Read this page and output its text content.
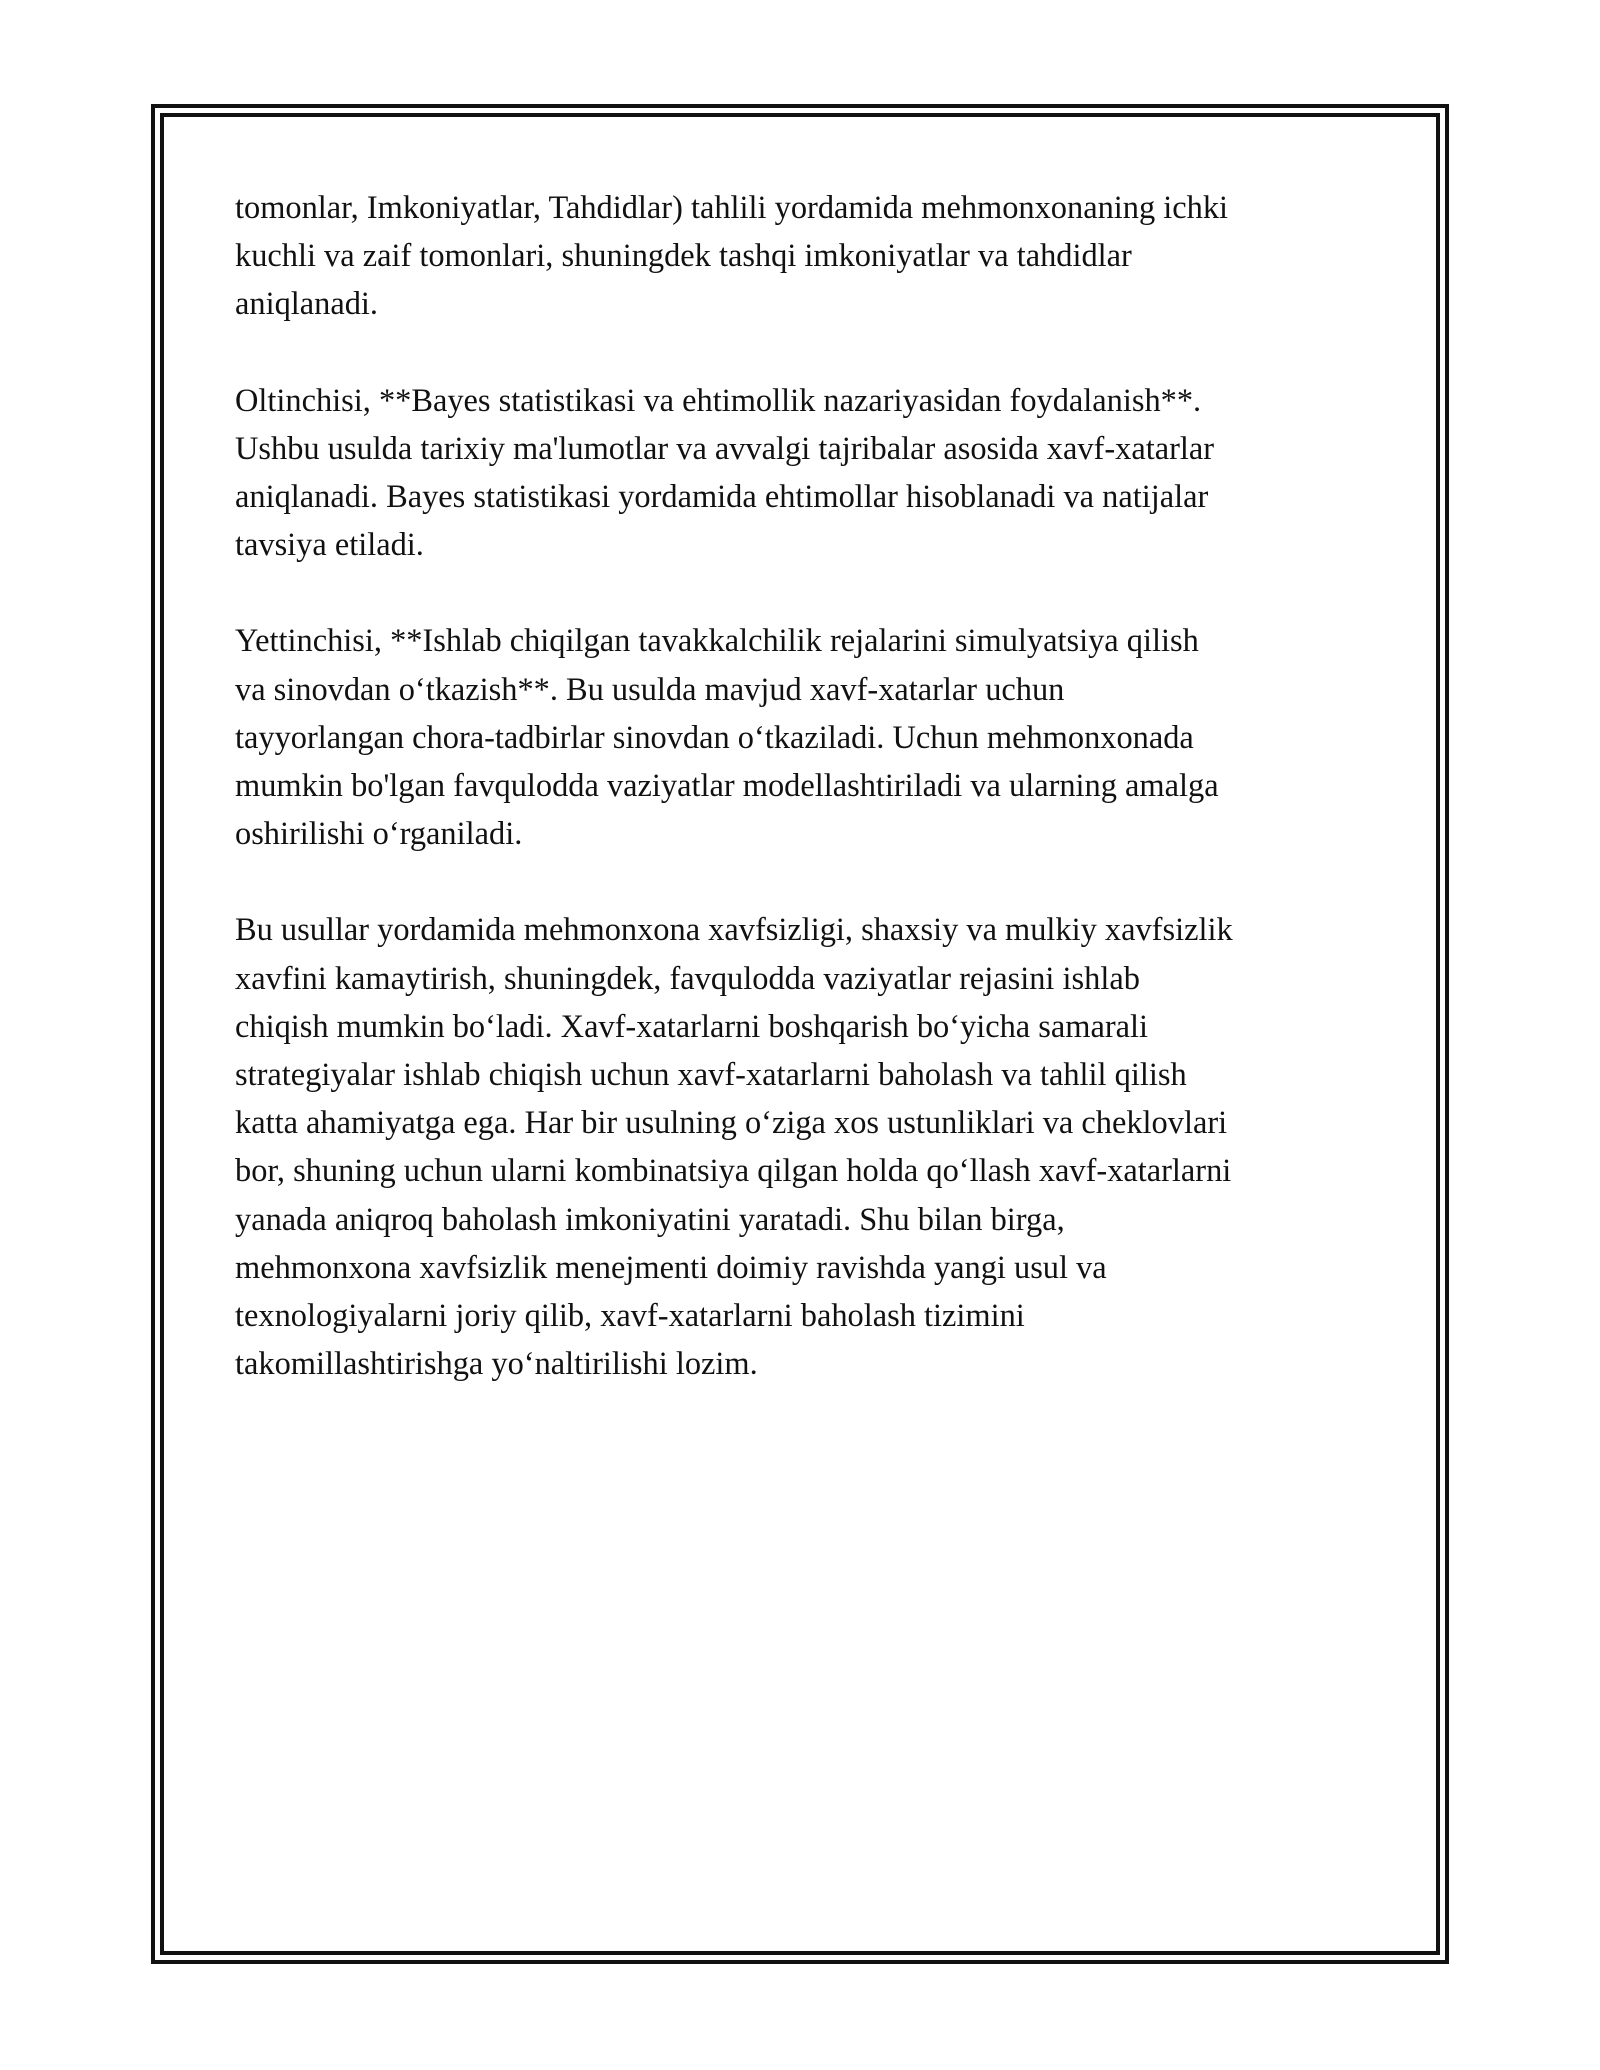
tomonlar, Imkoniyatlar, Tahdidlar) tahlili yordamida mehmonxonaning ichki
kuchli va zaif tomonlari, shuningdek tashqi imkoniyatlar va tahdidlar
aniqlanadi.

Oltinchisi, **Bayes statistikasi va ehtimollik nazariyasidan foydalanish**.
Ushbu usulda tarixiy ma'lumotlar va avvalgi tajribalar asosida xavf-xatarlar
aniqlanadi. Bayes statistikasi yordamida ehtimollar hisoblanadi va natijalar
tavsiya etiladi.

Yettinchisi, **Ishlab chiqilgan tavakkalchilik rejalarini simulyatsiya qilish
va sinovdan o‘tkazish**. Bu usulda mavjud xavf-xatarlar uchun
tayyorlangan chora-tadbirlar sinovdan o‘tkaziladi. Uchun mehmonxonada
mumkin bo'lgan favqulodda vaziyatlar modellashtiriladi va ularning amalga
oshirilishi o‘rganiladi.

Bu usullar yordamida mehmonxona xavfsizligi, shaxsiy va mulkiy xavfsizlik
xavfini kamaytirish, shuningdek, favqulodda vaziyatlar rejasini ishlab
chiqish mumkin bo‘ladi. Xavf-xatarlarni boshqarish bo‘yicha samarali
strategiyalar ishlab chiqish uchun xavf-xatarlarni baholash va tahlil qilish
katta ahamiyatga ega. Har bir usulning o‘ziga xos ustunliklari va cheklovlari
bor, shuning uchun ularni kombinatsiya qilgan holda qo‘llash xavf-xatarlarni
yanada aniqroq baholash imkoniyatini yaratadi. Shu bilan birga,
mehmonxona xavfsizlik menejmenti doimiy ravishda yangi usul va
texnologiyalarni joriy qilib, xavf-xatarlarni baholash tizimini
takomillashtirishga yo‘naltirilishi lozim.
